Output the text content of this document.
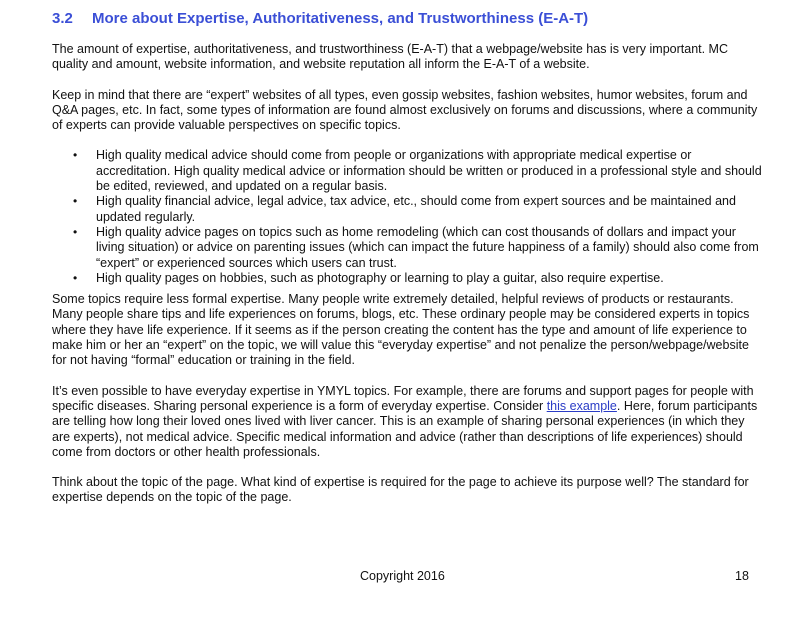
3.2 More about Expertise, Authoritativeness, and Trustworthiness (E-A-T)

The amount of expertise, authoritativeness, and trustworthiness (E-A-T) that a webpage/website has is very important. MC quality and amount, website information, and website reputation all inform the E-A-T of a website.

Keep in mind that there are “expert” websites of all types, even gossip websites, fashion websites, humor websites, forum and Q&A pages, etc. In fact, some types of information are found almost exclusively on forums and discussions, where a community of experts can provide valuable perspectives on specific topics.

• High quality medical advice should come from people or organizations with appropriate medical expertise or accreditation. High quality medical advice or information should be written or produced in a professional style and should be edited, reviewed, and updated on a regular basis.
• High quality financial advice, legal advice, tax advice, etc., should come from expert sources and be maintained and updated regularly.
• High quality advice pages on topics such as home remodeling (which can cost thousands of dollars and impact your living situation) or advice on parenting issues (which can impact the future happiness of a family) should also come from “expert” or experienced sources which users can trust.
• High quality pages on hobbies, such as photography or learning to play a guitar, also require expertise.

Some topics require less formal expertise. Many people write extremely detailed, helpful reviews of products or restaurants. Many people share tips and life experiences on forums, blogs, etc. These ordinary people may be considered experts in topics where they have life experience. If it seems as if the person creating the content has the type and amount of life experience to make him or her an “expert” on the topic, we will value this “everyday expertise” and not penalize the person/webpage/website for not having “formal” education or training in the field.

It’s even possible to have everyday expertise in YMYL topics. For example, there are forums and support pages for people with specific diseases. Sharing personal experience is a form of everyday expertise. Consider this example. Here, forum participants are telling how long their loved ones lived with liver cancer. This is an example of sharing personal experiences (in which they are experts), not medical advice. Specific medical information and advice (rather than descriptions of life experiences) should come from doctors or other health professionals.

Think about the topic of the page. What kind of expertise is required for the page to achieve its purpose well? The standard for expertise depends on the topic of the page.

Copyright 2016	18
